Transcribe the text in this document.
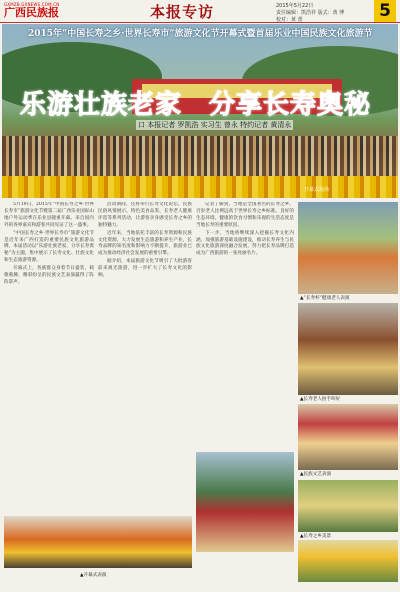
GXMZB.GXNEWS.COM.CN
广西民族报	本报专访	2015年5月22日
责任编辑：凯浩祥 版式：黄 博
校对：黄 蕾	5
2015年“中国长寿之乡·世界长寿市”旅游文化节开幕式暨首届乐业中国民族文化旅游节
乐游壮族老家　分享长寿奥秘
口 本报记者 罗凯浩 实习生 曾永 特约记者 黄清永
开幕式现场

5月19日，2015年“中国长寿之乡·世界长寿市”旅游文化节暨第二届广西乐业国际山地户外运动季在乐业县隆重开幕。来自国内外的各界嘉宾和游客共同见证了这一盛事。

“中国长寿之乡·世界长寿市”旅游文化节是近年来广西打造的重要民族文化旅游品牌，本届活动以“乐游壮族老家，分享长寿奥秘”为主题，集中展示了长寿文化、壮族文化和生态旅游资源。

开幕式上，各族群众身着节日盛装，载歌载舞，精彩纷呈的民族文艺表演赢得了阵阵掌声。

活动期间，还将举行长寿文化论坛、民族民俗风情展示、特色美食品鉴、长寿老人健康评选等系列活动，让游客亲身感受长寿之乡的独特魅力。

近年来，当地依托丰富的长寿资源和民族文化资源，大力发展生态旅游和养生产业，长寿品牌的知名度和影响力不断提升，旅游业已成为推动经济社会发展的重要引擎。

据介绍，本届旅游文化节吸引了大批游客前来观光旅游，进一步扩大了长寿文化的影响。

记者了解到，当地是全国著名的长寿之乡，百岁老人比例远高于世界长寿之乡标准。良好的生态环境、健康的饮食习惯和乐观的生活态度是当地长寿的重要原因。

下一步，当地将继续深入挖掘长寿文化内涵，加强旅游基础设施建设，推动长寿养生与民族文化旅游深度融合发展，努力把长寿品牌打造成为广西旅游的一张亮丽名片。

▲“长寿杯”健康老人表演
▲长寿老人拍手叫好
▲民族文艺表演
▲长寿之乡美景
▲开幕式表演
